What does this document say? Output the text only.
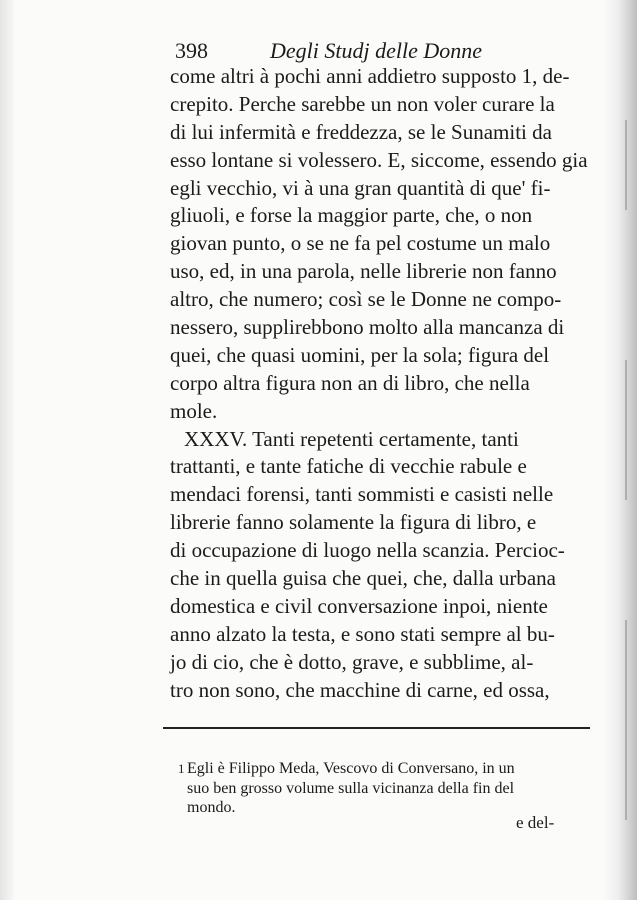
398	Degli Studj delle Donne
come altri à pochi anni addietro supposto 1, de-
crepito. Perche sarebbe un non voler curare la
di lui infermità e freddezza, se le Sunamiti da
esso lontane si volessero. E, siccome, essendo gia
egli vecchio, vi à una gran quantità di que' fi-
gliuoli, e forse la maggior parte, che, o non
giovan punto, o se ne fa pel costume un malo
uso, ed, in una parola, nelle librerie non fanno
altro, che numero; così se le Donne ne compo-
nessero, supplirebbono molto alla mancanza di
quei, che quasi uomini, per la sola; figura del
corpo altra figura non an di libro, che nella
mole.
XXXV. Tanti repetenti certamente, tanti
trattanti, e tante fatiche di vecchie rabule e
mendaci forensi, tanti sommisti e casisti nelle
librerie fanno solamente la figura di libro, e
di occupazione di luogo nella scanzia. Percioc-
che in quella guisa che quei, che, dalla urbana
domestica e civil conversazione inpoi, niente
anno alzato la testa, e sono stati sempre al bu-
jo di cio, che è dotto, grave, e subblime, al-
tro non sono, che macchine di carne, ed ossa,
1 Egli è Filippo Meda, Vescovo di Conversano, in un
suo ben grosso volume sulla vicinanza della fin del
mondo.
e del-
